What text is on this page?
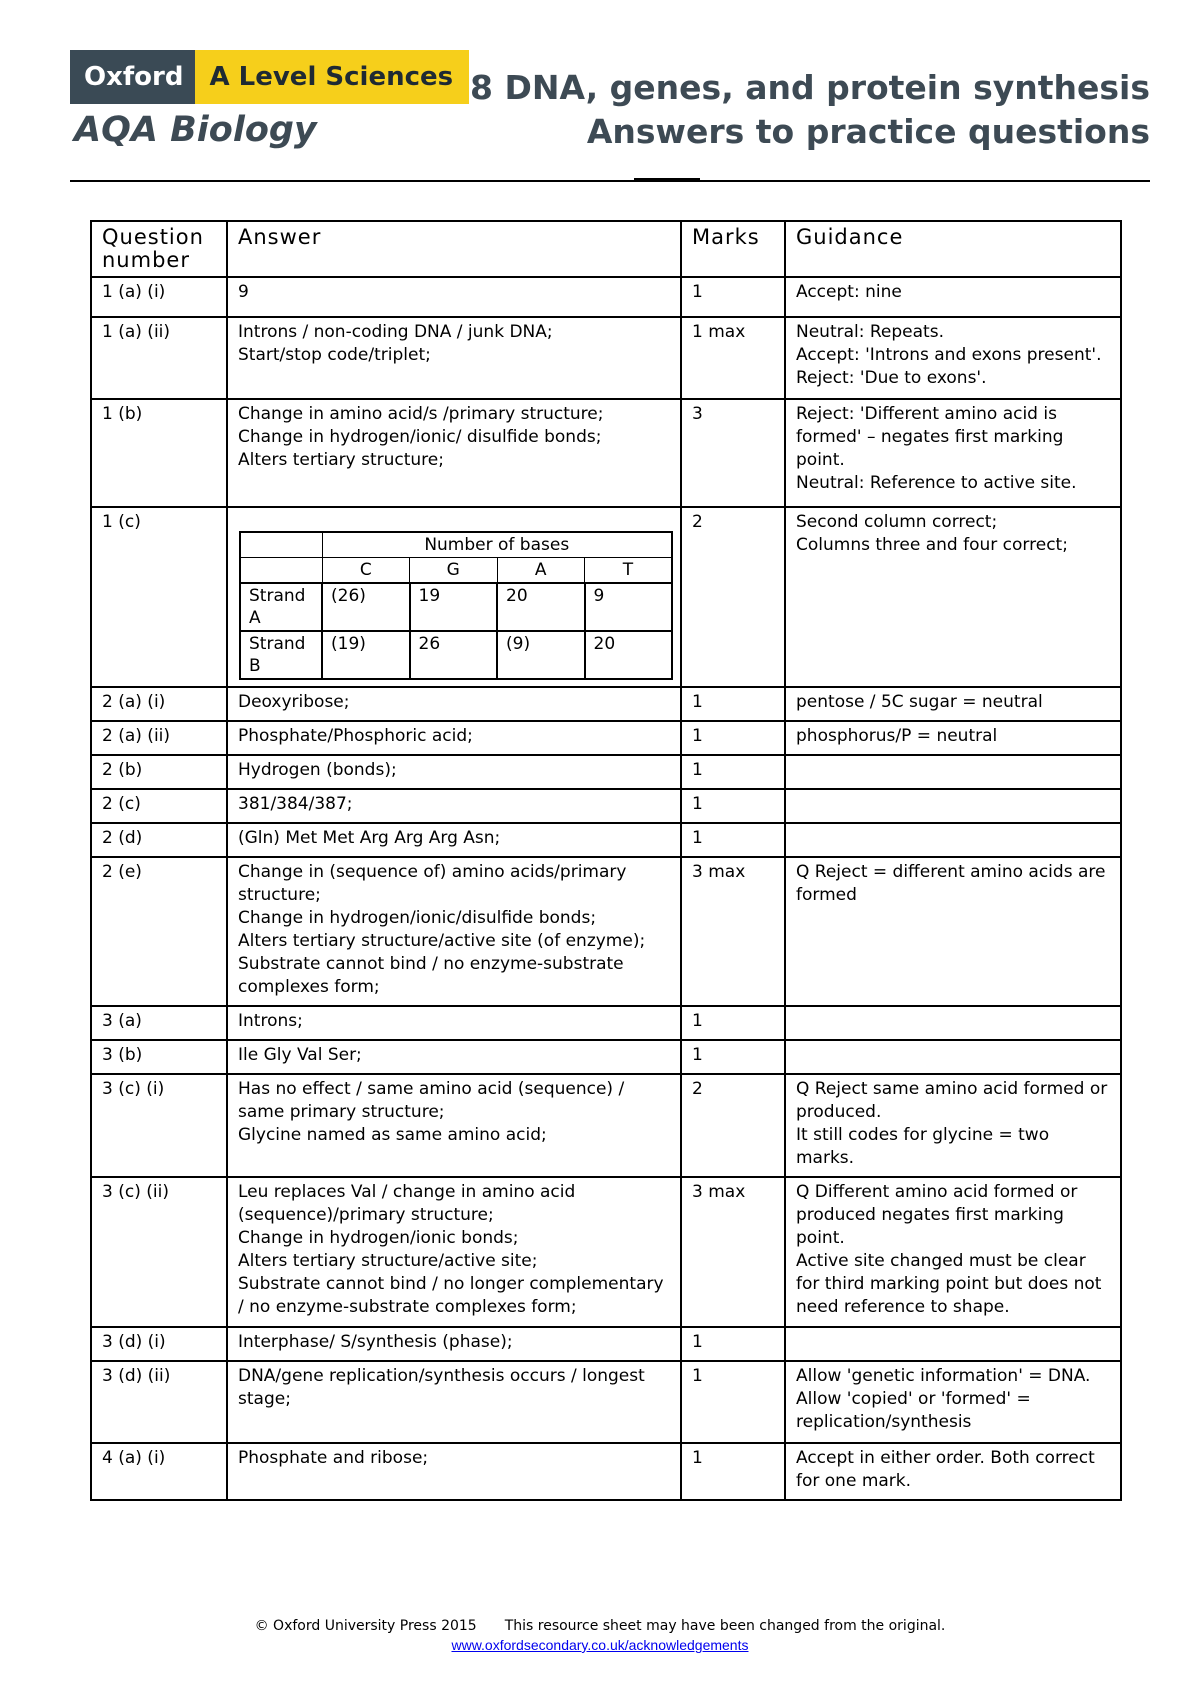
Oxford	A Level Sciences
AQA Biology
8 DNA, genes, and protein synthesis
Answers to practice questions
Question number	Answer	Marks	Guidance
1 (a) (i)	9	1	Accept: nine

1 (a) (ii)	Introns / non-coding DNA / junk DNA;
Start/stop code/triplet;
	1 max	Neutral: Repeats.
Accept: 'Introns and exons present'.
Reject: 'Due to exons'.

1 (b)	Change in amino acid/s /primary structure;
Change in hydrogen/ionic/ disulfide bonds;
Alters tertiary structure;
	3	Reject: 'Different amino acid is formed' – negates first marking point.
Neutral: Reference to active site.

1 (c)	
	Number of bases
	C	G	A	T
Strand A	(26)	19	20	9
Strand B	(19)	26	(9)	20
	2	Second column correct;
Columns three and four correct;

2 (a) (i)	Deoxyribose;	1	pentose / 5C sugar = neutral

2 (a) (ii)	Phosphate/Phosphoric acid;	1	phosphorus/P = neutral

2 (b)	Hydrogen (bonds);	1	
2 (c)	381/384/387;	1	
2 (d)	(Gln) Met Met Arg Arg Arg Asn;	1	
2 (e)	Change in (sequence of) amino acids/primary structure;
Change in hydrogen/ionic/disulfide bonds;
Alters tertiary structure/active site (of enzyme);
Substrate cannot bind / no enzyme-substrate complexes form;
	3 max	Q Reject = different amino acids are formed

3 (a)	Introns;	1	
3 (b)	Ile Gly Val Ser;	1	
3 (c) (i)	Has no effect / same amino acid (sequence) / same primary structure;
Glycine named as same amino acid;
	2	Q Reject same amino acid formed or produced.
It still codes for glycine = two marks.

3 (c) (ii)	Leu replaces Val / change in amino acid (sequence)/primary structure;
Change in hydrogen/ionic bonds;
Alters tertiary structure/active site;
Substrate cannot bind / no longer complementary / no enzyme-substrate complexes form;
	3 max	Q Different amino acid formed or produced negates first marking point.
Active site changed must be clear for third marking point but does not need reference to shape.

3 (d) (i)	Interphase/ S/synthesis (phase);	1	
3 (d) (ii)	DNA/gene replication/synthesis occurs / longest stage;
	1	Allow 'genetic information' = DNA.
Allow 'copied' or 'formed' = replication/synthesis

4 (a) (i)	Phosphate and ribose;	1	Accept in either order. Both correct for one mark.
© Oxford University Press 2015 This resource sheet may have been changed from the original.
www.oxfordsecondary.co.uk/acknowledgements
